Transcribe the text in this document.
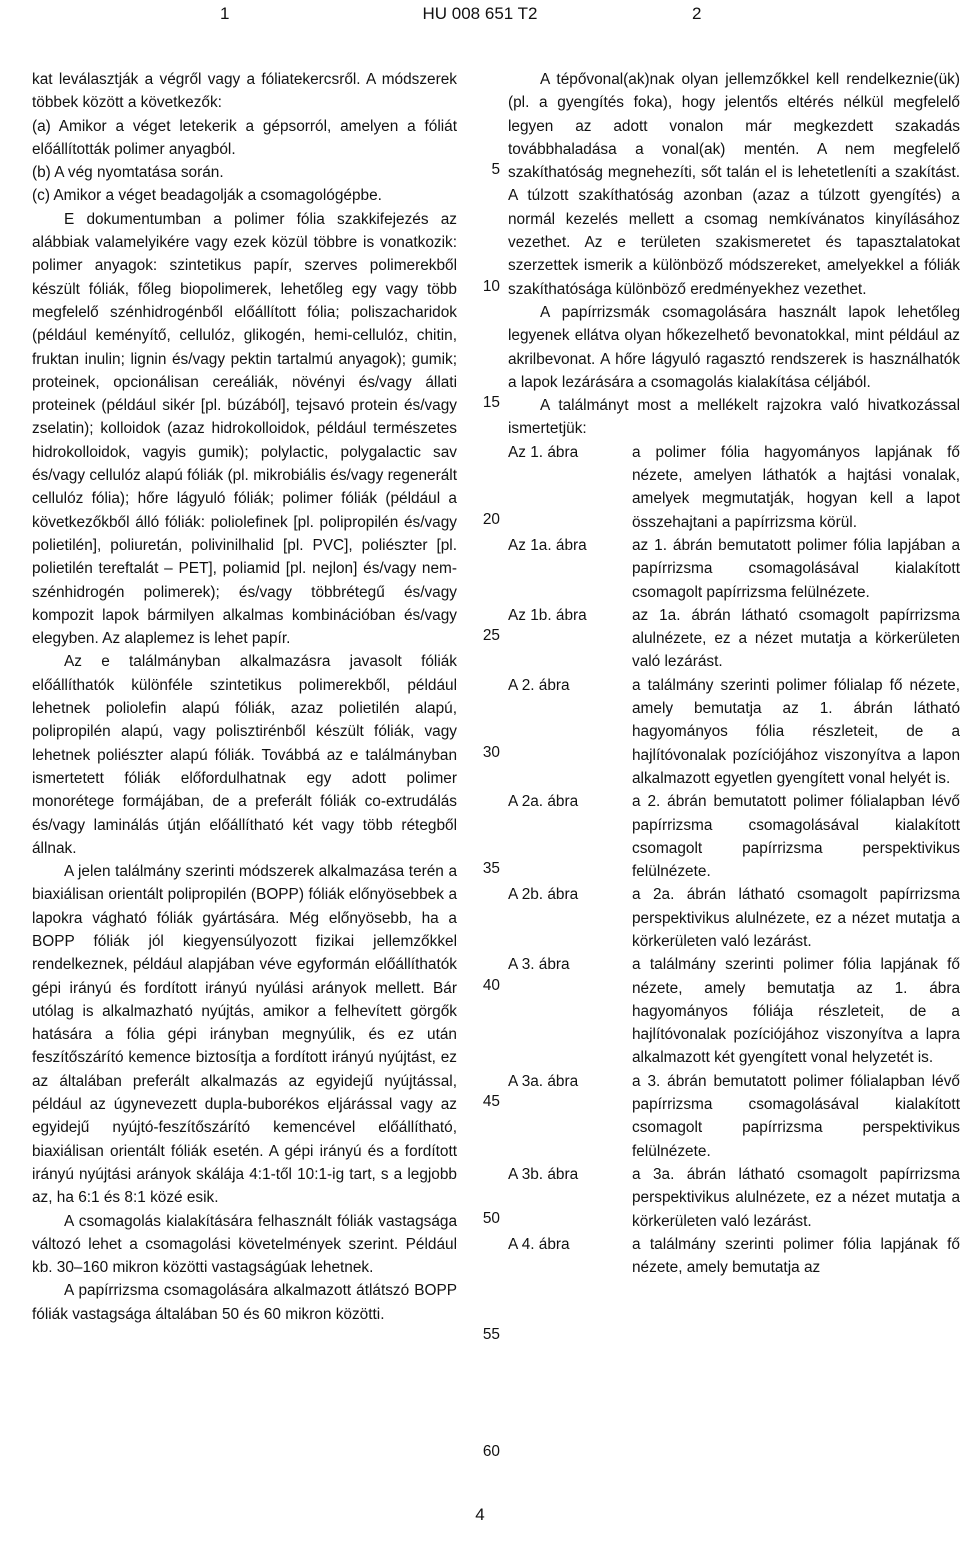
1	HU 008 651 T2	2

kat leválasztják a végről vagy a fóliatekercsről. A módszerek többek között a következők:

(a) Amikor a véget letekerik a gépsorról, amelyen a fóliát előállították polimer anyagból.

(b) A vég nyomtatása során.

(c) Amikor a véget beadagolják a csomagológépbe.

E dokumentumban a polimer fólia szakkifejezés az alábbiak valamelyikére vagy ezek közül többre is vonatkozik: polimer anyagok: szintetikus papír, szerves polimerekből készült fóliák, főleg biopolimerek, lehetőleg egy vagy több megfelelő szénhidrogénből előállított fólia; poliszacharidok (például keményítő, cellulóz, glikogén, hemi-cellulóz, chitin, fruktan inulin; lignin és/vagy pektin tartalmú anyagok); gumik; proteinek, opcionálisan cereáliák, növényi és/vagy állati proteinek (például sikér [pl. búzából], tejsavó protein és/vagy zselatin); kolloidok (azaz hidrokolloidok, például természetes hidrokolloidok, vagyis gumik); polylactic, polygalactic sav és/vagy cellulóz alapú fóliák (pl. mikrobiális és/vagy regenerált cellulóz fólia); hőre lágyuló fóliák; polimer fóliák (például a következőkből álló fóliák: poliolefinek [pl. polipropilén és/vagy polietilén], poliuretán, polivinilhalid [pl. PVC], poliészter [pl. polietilén tereftalát – PET], poliamid [pl. nejlon] és/vagy nem-szénhidrogén polimerek); és/vagy többrétegű és/vagy kompozit lapok bármilyen alkalmas kombinációban és/vagy elegyben. Az alaplemez is lehet papír.

Az e találmányban alkalmazásra javasolt fóliák előállíthatók különféle szintetikus polimerekből, például lehetnek poliolefin alapú fóliák, azaz polietilén alapú, polipropilén alapú, vagy polisztirénből készült fóliák, vagy lehetnek poliészter alapú fóliák. Továbbá az e találmányban ismertetett fóliák előfordulhatnak egy adott polimer monorétege formájában, de a preferált fóliák co-extrudálás és/vagy laminálás útján előállítható két vagy több rétegből állnak.

A jelen találmány szerinti módszerek alkalmazása terén a biaxiálisan orientált polipropilén (BOPP) fóliák előnyösebbek a lapokra vágható fóliák gyártására. Még előnyösebb, ha a BOPP fóliák jól kiegyensúlyozott fizikai jellemzőkkel rendelkeznek, például alapjában véve egyformán előállíthatók gépi irányú és fordított irányú nyúlási arányok mellett. Bár utólag is alkalmazható nyújtás, amikor a felhevített görgők hatására a fólia gépi irányban megnyúlik, és ez után feszítőszárító kemence biztosítja a fordított irányú nyújtást, ez az általában preferált alkalmazás az egyidejű nyújtással, például az úgynevezett dupla-buborékos eljárással vagy az egyidejű nyújtó-feszítőszárító kemencével előállítható, biaxiálisan orientált fóliák esetén. A gépi irányú és a fordított irányú nyújtási arányok skálája 4:1-től 10:1-ig tart, s a legjobb az, ha 6:1 és 8:1 közé esik.

A csomagolás kialakítására felhasznált fóliák vastagsága változó lehet a csomagolási követelmények szerint. Például kb. 30–160 mikron közötti vastagságúak lehetnek.

A papírrizsma csomagolására alkalmazott átlátszó BOPP fóliák vastagsága általában 50 és 60 mikron közötti.

5
10
15
20
25
30
35
40
45
50
55
60

A tépővonal(ak)nak olyan jellemzőkkel kell rendelkeznie(ük) (pl. a gyengítés foka), hogy jelentős eltérés nélkül megfelelő legyen az adott vonalon már megkezdett szakadás továbbhaladása a vonal(ak) mentén. A nem megfelelő szakíthatóság megnehezíti, sőt talán el is lehetetleníti a szakítást. A túlzott szakíthatóság azonban (azaz a túlzott gyengítés) a normál kezelés mellett a csomag nemkívánatos kinyílásához vezethet. Az e területen szakismeretet és tapasztalatokat szerzettek ismerik a különböző módszereket, amelyekkel a fóliák szakíthatósága különböző eredményekhez vezethet.

A papírrizsmák csomagolására használt lapok lehetőleg legyenek ellátva olyan hőkezelhető bevonatokkal, mint például az akrilbevonat. A hőre lágyuló ragasztó rendszerek is használhatók a lapok lezárására a csomagolás kialakítása céljából.

A találmányt most a mellékelt rajzokra való hivatkozással ismertetjük:

Az 1. ábra	a polimer fólia hagyományos lapjának fő nézete, amelyen láthatók a hajtási vonalak, amelyek megmutatják, hogyan kell a lapot összehajtani a papírrizsma körül.
Az 1a. ábra	az 1. ábrán bemutatott polimer fólia lapjában a papírrizsma csomagolásával kialakított csomagolt papírrizsma felülnézete.
Az 1b. ábra	az 1a. ábrán látható csomagolt papírrizsma alulnézete, ez a nézet mutatja a körkerületen való lezárást.
A 2. ábra	a találmány szerinti polimer fólialap fő nézete, amely bemutatja az 1. ábrán látható hagyományos fólia részleteit, de a hajlítóvonalak pozíciójához viszonyítva a lapon alkalmazott egyetlen gyengített vonal helyét is.
A 2a. ábra	a 2. ábrán bemutatott polimer fólialapban lévő papírrizsma csomagolásával kialakított csomagolt papírrizsma perspektivikus felülnézete.
A 2b. ábra	a 2a. ábrán látható csomagolt papírrizsma perspektivikus alulnézete, ez a nézet mutatja a körkerületen való lezárást.
A 3. ábra	a találmány szerinti polimer fólia lapjának fő nézete, amely bemutatja az 1. ábra hagyományos fóliája részleteit, de a hajlítóvonalak pozíciójához viszonyítva a lapra alkalmazott két gyengített vonal helyzetét is.
A 3a. ábra	a 3. ábrán bemutatott polimer fólialapban lévő papírrizsma csomagolásával kialakított csomagolt papírrizsma perspektivikus felülnézete.
A 3b. ábra	a 3a. ábrán látható csomagolt papírrizsma perspektivikus alulnézete, ez a nézet mutatja a körkerületen való lezárást.
A 4. ábra	a találmány szerinti polimer fólia lapjának fő nézete, amely bemutatja az
4
